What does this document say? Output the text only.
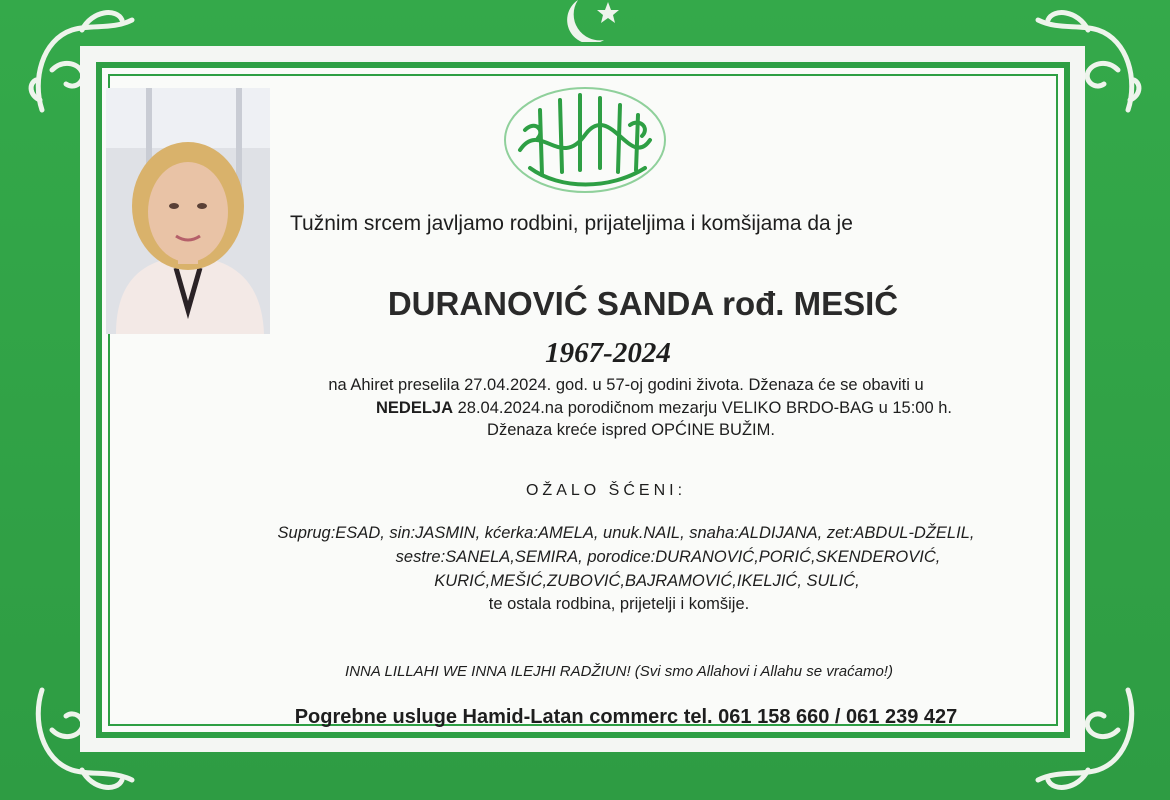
Tužnim srcem javljamo rodbini, prijateljima i komšijama da je
DURANOVIĆ SANDA rođ. MESIĆ
1967-2024
na Ahiret preselila 27.04.2024. god. u 57-oj godini života. Dženaza će se obaviti u
NEDELJA 28.04.2024.na porodičnom mezarju VELIKO BRDO-BAG u 15:00 h.
Dženaza kreće ispred OPĆINE BUŽIM.
OŽALO ŠĆENI:
Suprug:ESAD, sin:JASMIN, kćerka:AMELA, unuk.NAIL, snaha:ALDIJANA, zet:ABDUL-DŽELIL,
sestre:SANELA,SEMIRA, porodice:DURANOVIĆ,PORIĆ,SKENDEROVIĆ,
KURIĆ,MEŠIĆ,ZUBOVIĆ,BAJRAMOVIĆ,IKELJIĆ, SULIĆ,
te ostala rodbina, prijetelji i komšije.
INNA LILLAHI WE INNA ILEJHI RADŽIUN! (Svi smo Allahovi i Allahu se vraćamo!)
Pogrebne usluge Hamid-Latan commerc tel. 061 158 660 / 061 239 427
